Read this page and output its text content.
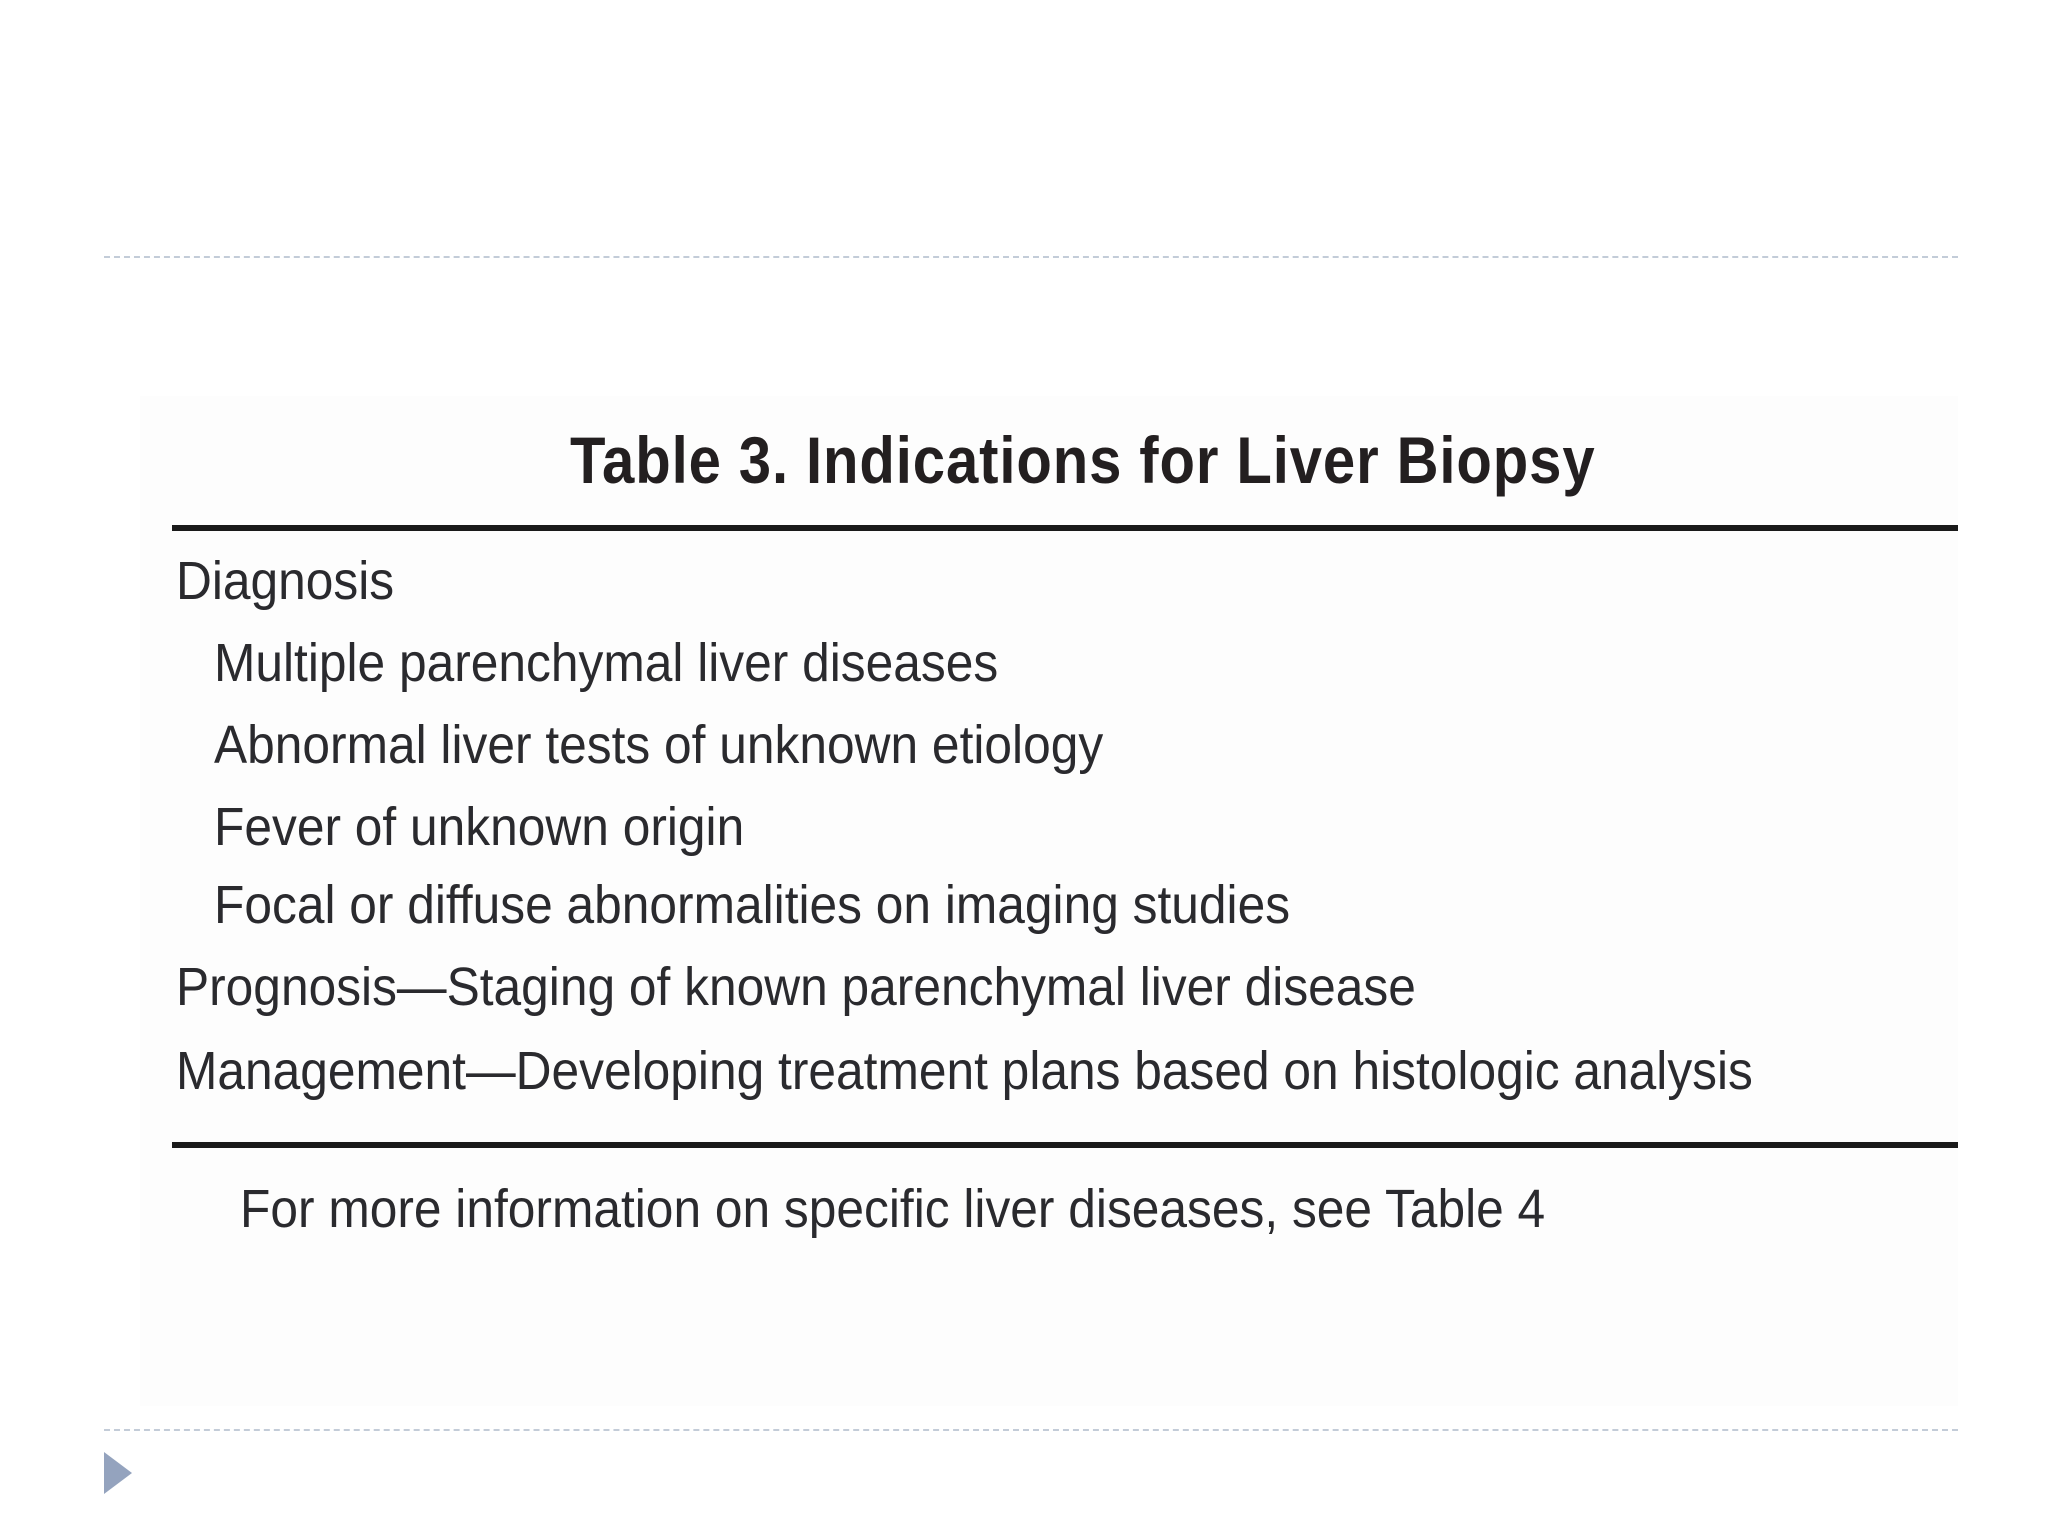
Table 3. Indications for Liver Biopsy
Diagnosis
Multiple parenchymal liver diseases
Abnormal liver tests of unknown etiology
Fever of unknown origin
Focal or diffuse abnormalities on imaging studies
Prognosis—Staging of known parenchymal liver disease
Management—Developing treatment plans based on histologic analysis
For more information on specific liver diseases, see Table 4
